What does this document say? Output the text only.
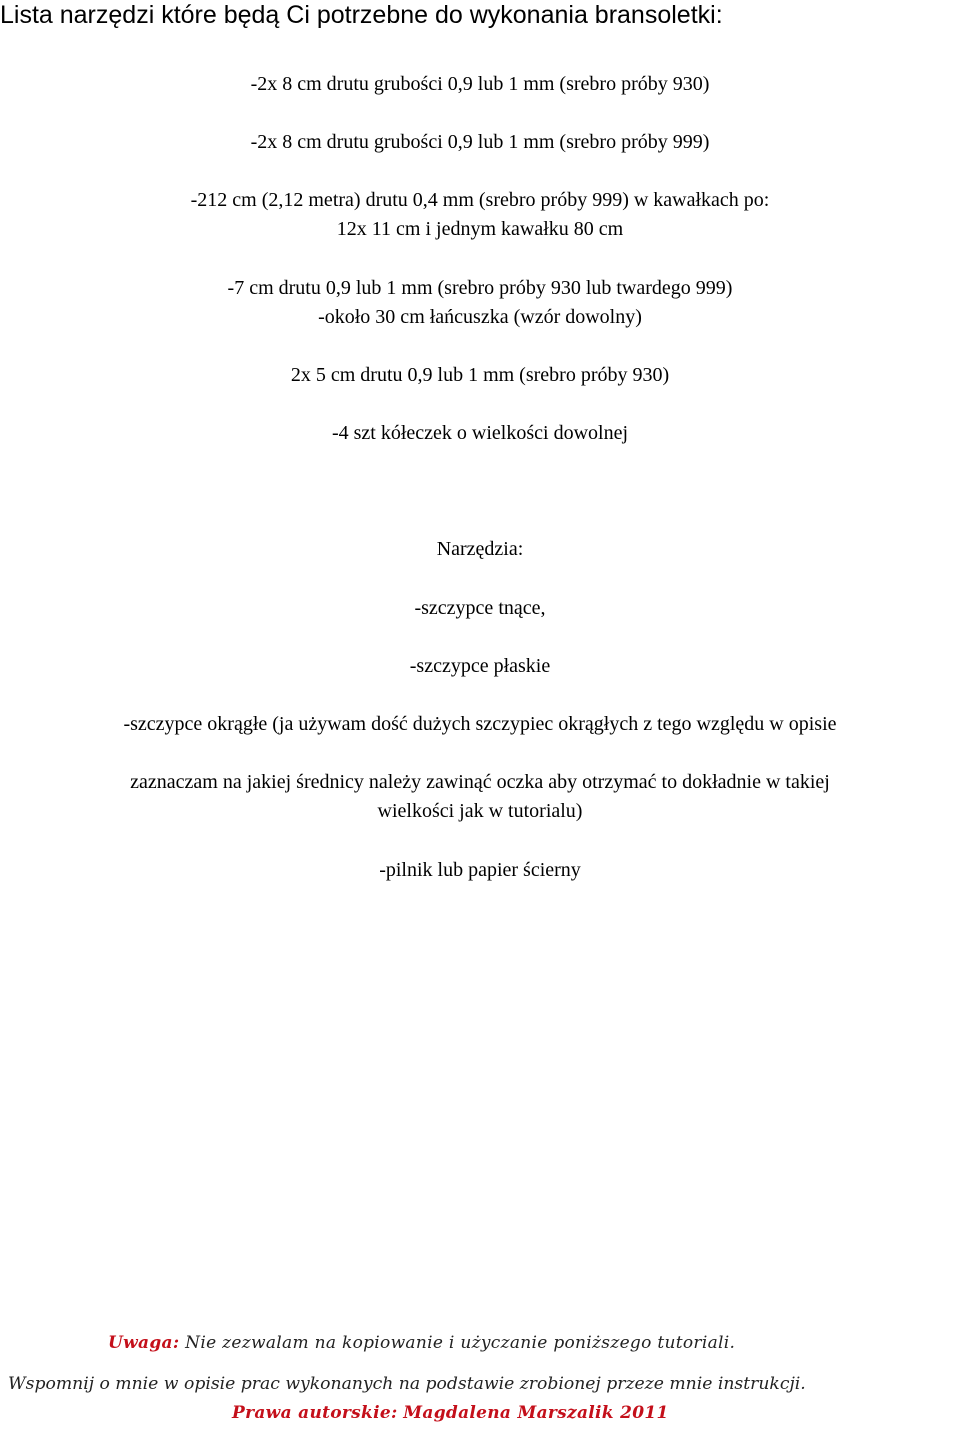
Lista narzędzi które będą Ci potrzebne do wykonania bransoletki:

-2x 8 cm drutu grubości 0,9 lub 1 mm (srebro próby 930)

-2x 8 cm drutu grubości 0,9 lub 1 mm (srebro próby 999)

-212 cm (2,12 metra) drutu 0,4 mm (srebro próby 999) w kawałkach po:

12x 11 cm i jednym kawałku 80 cm

-7 cm drutu 0,9 lub 1 mm (srebro próby 930 lub twardego 999)

-około 30 cm łańcuszka (wzór dowolny)

2x 5 cm drutu 0,9 lub 1 mm (srebro próby 930)

-4 szt kółeczek o wielkości dowolnej

Narzędzia:

-szczypce tnące,

-szczypce płaskie

-szczypce okrągłe (ja używam dość dużych szczypiec okrągłych z tego względu w opisie

zaznaczam na jakiej średnicy należy zawinąć oczka aby otrzymać to dokładnie w takiej

wielkości jak w tutorialu)

-pilnik lub papier ścierny

Uwaga: Nie zezwalam na kopiowanie i użyczanie poniższego tutoriali.
Wspomnij o mnie w opisie prac wykonanych na podstawie zrobionej przeze mnie instrukcji.
Prawa autorskie: Magdalena Marszalik 2011
